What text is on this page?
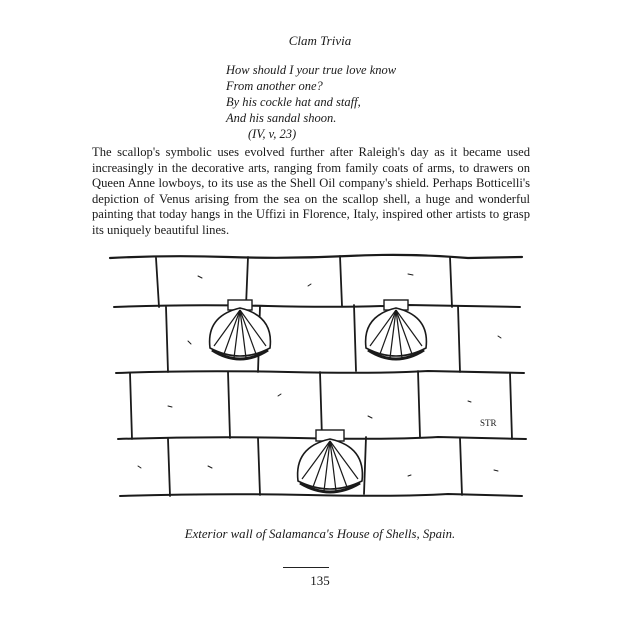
Clam Trivia
How should I your true love know
From another one?
By his cockle hat and staff,
And his sandal shoon.
(IV, v, 23)
The scallop's symbolic uses evolved further after Raleigh's day as it became used increasingly in the decorative arts, ranging from family coats of arms, to drawers on Queen Anne lowboys, to its use as the Shell Oil company's shield. Perhaps Botticelli's depiction of Venus arising from the sea on the scallop shell, a huge and wonderful painting that today hangs in the Uffizi in Florence, Italy, inspired other artists to grasp its uniquely beautiful lines.
STR
Exterior wall of Salamanca's House of Shells, Spain.
135
